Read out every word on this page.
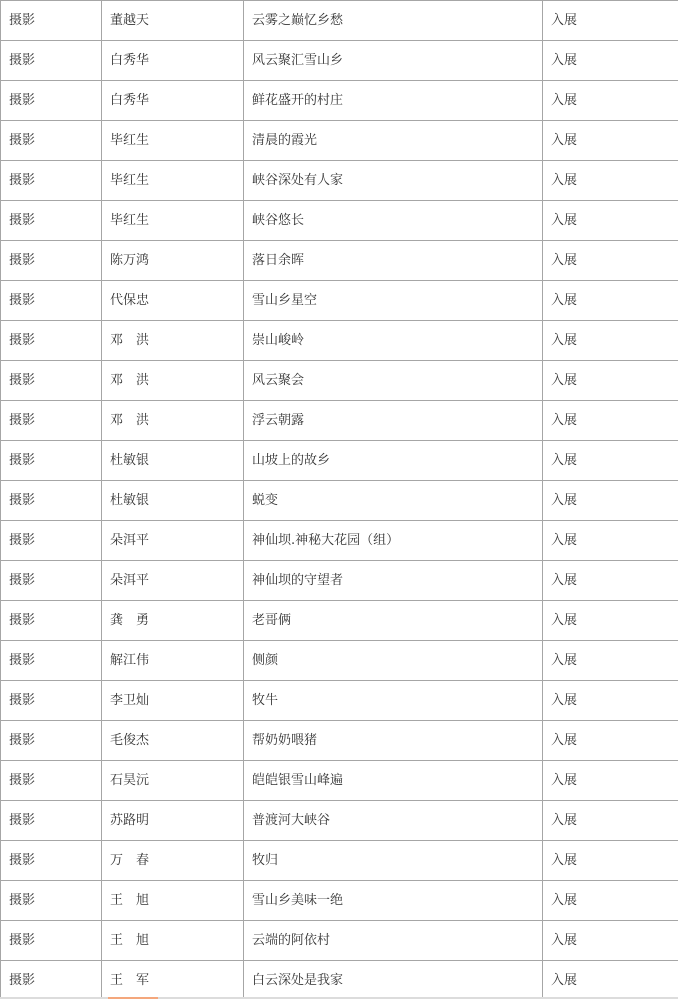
摄影	董越天	云雾之巅忆乡愁	入展
摄影	白秀华	风云聚汇雪山乡	入展
摄影	白秀华	鲜花盛开的村庄	入展
摄影	毕红生	清晨的霞光	入展
摄影	毕红生	峡谷深处有人家	入展
摄影	毕红生	峡谷悠长	入展
摄影	陈万鸿	落日余晖	入展
摄影	代保忠	雪山乡星空	入展
摄影	邓　洪	崇山峻岭	入展
摄影	邓　洪	风云聚会	入展
摄影	邓　洪	浮云朝露	入展
摄影	杜敏银	山坡上的故乡	入展
摄影	杜敏银	蜕变	入展
摄影	朵洱平	神仙坝.神秘大花园（组）	入展
摄影	朵洱平	神仙坝的守望者	入展
摄影	龚　勇	老哥俩	入展
摄影	解江伟	侧颜	入展
摄影	李卫灿	牧牛	入展
摄影	毛俊杰	帮奶奶喂猪	入展
摄影	石昊沅	皑皑银雪山峰遍	入展
摄影	苏路明	普渡河大峡谷	入展
摄影	万　春	牧归	入展
摄影	王　旭	雪山乡美味一绝	入展
摄影	王　旭	云端的阿依村	入展
摄影	王　军	白云深处是我家	入展
